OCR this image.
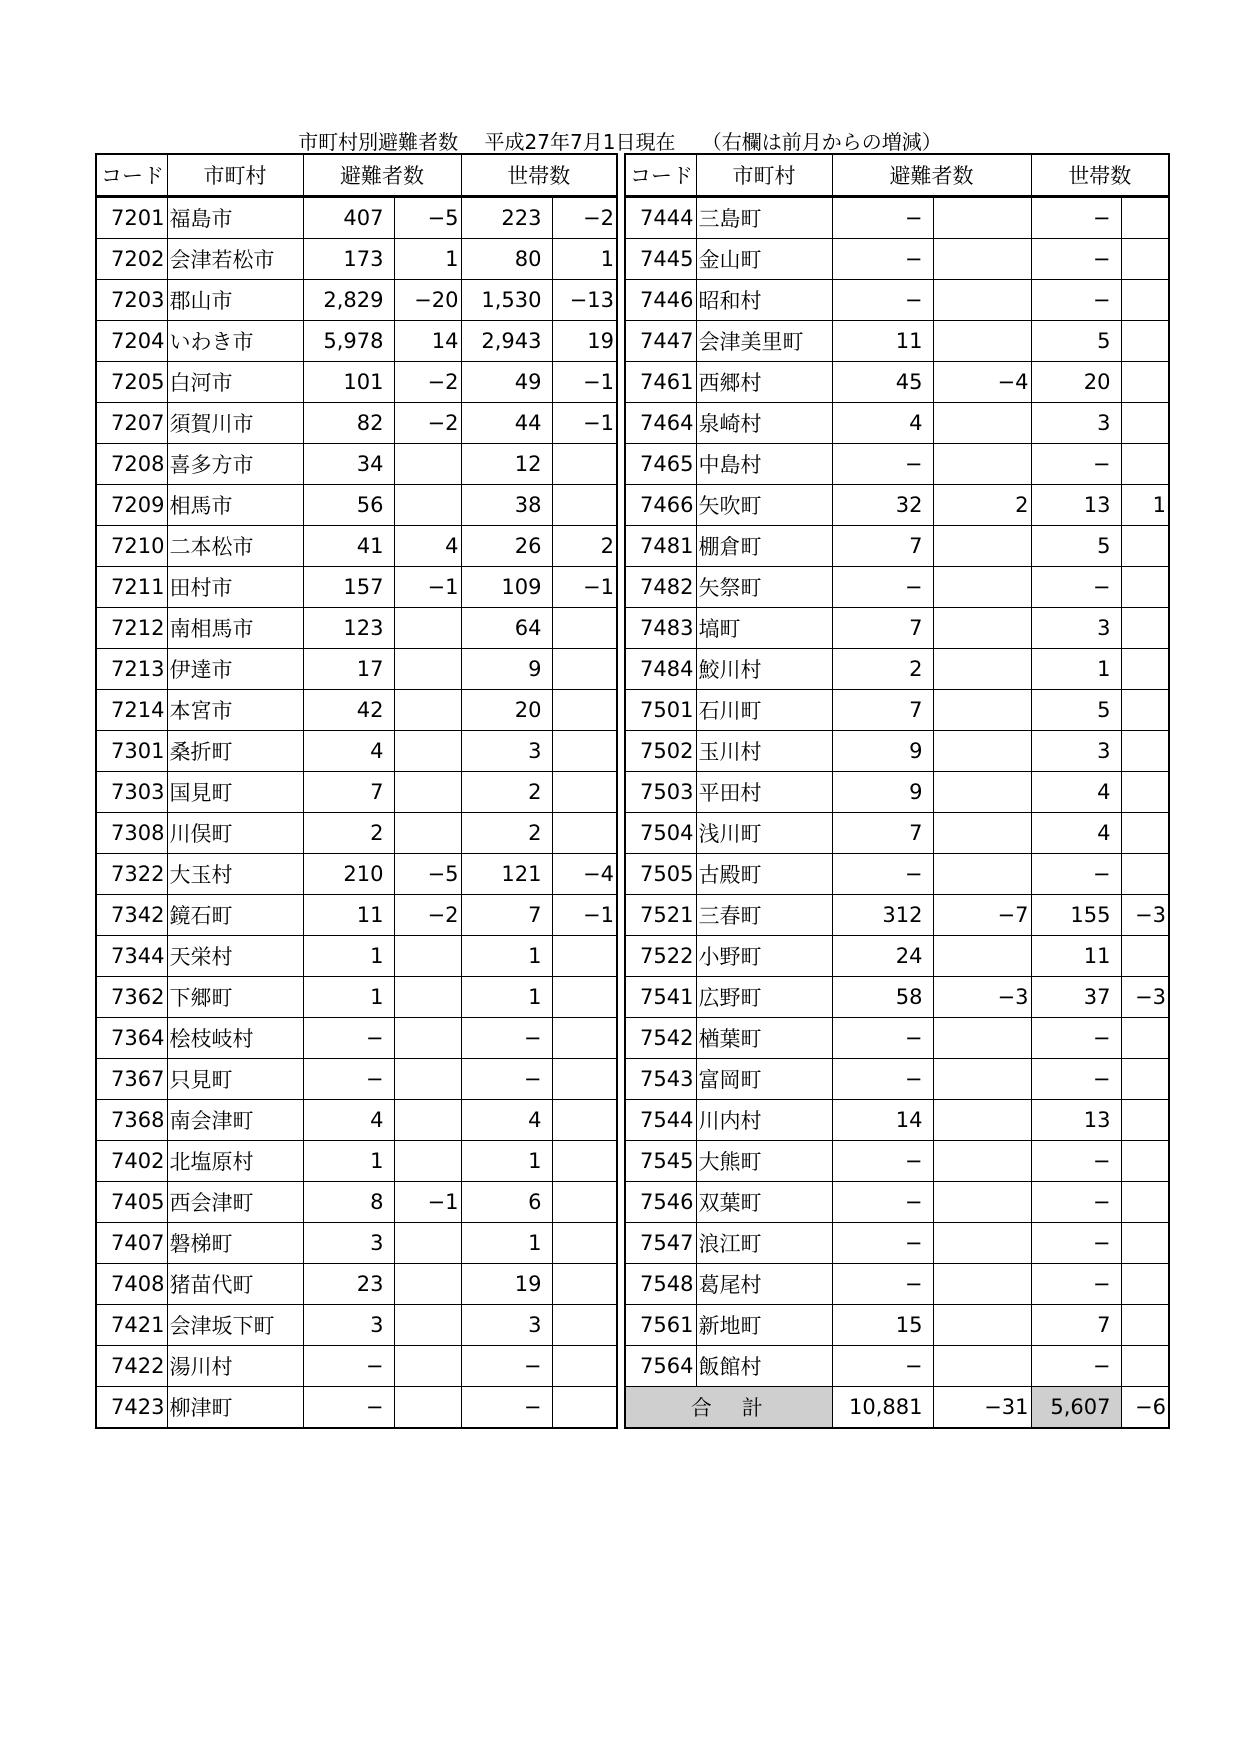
市町村別避難者数　 平成27年7月1日現在　 （右欄は前月からの増減）
コード	市町村	避難者数		世帯数	
7201	福島市	407	−5	223	−2
7202	会津若松市	173	1	80	1
7203	郡山市	2,829	−20	1,530	−13
7204	いわき市	5,978	14	2,943	19
7205	白河市	101	−2	49	−1
7207	須賀川市	82	−2	44	−1
7208	喜多方市	34		12	
7209	相馬市	56		38	
7210	二本松市	41	4	26	2
7211	田村市	157	−1	109	−1
7212	南相馬市	123		64	
7213	伊達市	17		9	
7214	本宮市	42		20	
7301	桑折町	4		3	
7303	国見町	7		2	
7308	川俣町	2		2	
7322	大玉村	210	−5	121	−4
7342	鏡石町	11	−2	7	−1
7344	天栄村	1		1	
7362	下郷町	1		1	
7364	桧枝岐村	−		−	
7367	只見町	−		−	
7368	南会津町	4		4	
7402	北塩原村	1		1	
7405	西会津町	8	−1	6	
7407	磐梯町	3		1	
7408	猪苗代町	23		19	
7421	会津坂下町	3		3	
7422	湯川村	−		−	
7423	柳津町	−		−	
コード	市町村	避難者数		世帯数	
7444	三島町	−		−	
7445	金山町	−		−	
7446	昭和村	−		−	
7447	会津美里町	11		5	
7461	西郷村	45	−4	20	
7464	泉崎村	4		3	
7465	中島村	−		−	
7466	矢吹町	32	2	13	1
7481	棚倉町	7		5	
7482	矢祭町	−		−	
7483	塙町	7		3	
7484	鮫川村	2		1	
7501	石川町	7		5	
7502	玉川村	9		3	
7503	平田村	9		4	
7504	浅川町	7		4	
7505	古殿町	−		−	
7521	三春町	312	−7	155	−3
7522	小野町	24		11	
7541	広野町	58	−3	37	−3
7542	楢葉町	−		−	
7543	富岡町	−		−	
7544	川内村	14		13	
7545	大熊町	−		−	
7546	双葉町	−		−	
7547	浪江町	−		−	
7548	葛尾村	−		−	
7561	新地町	15		7	
7564	飯館村	−		−	
合計		10,881	−31	5,607	−6
